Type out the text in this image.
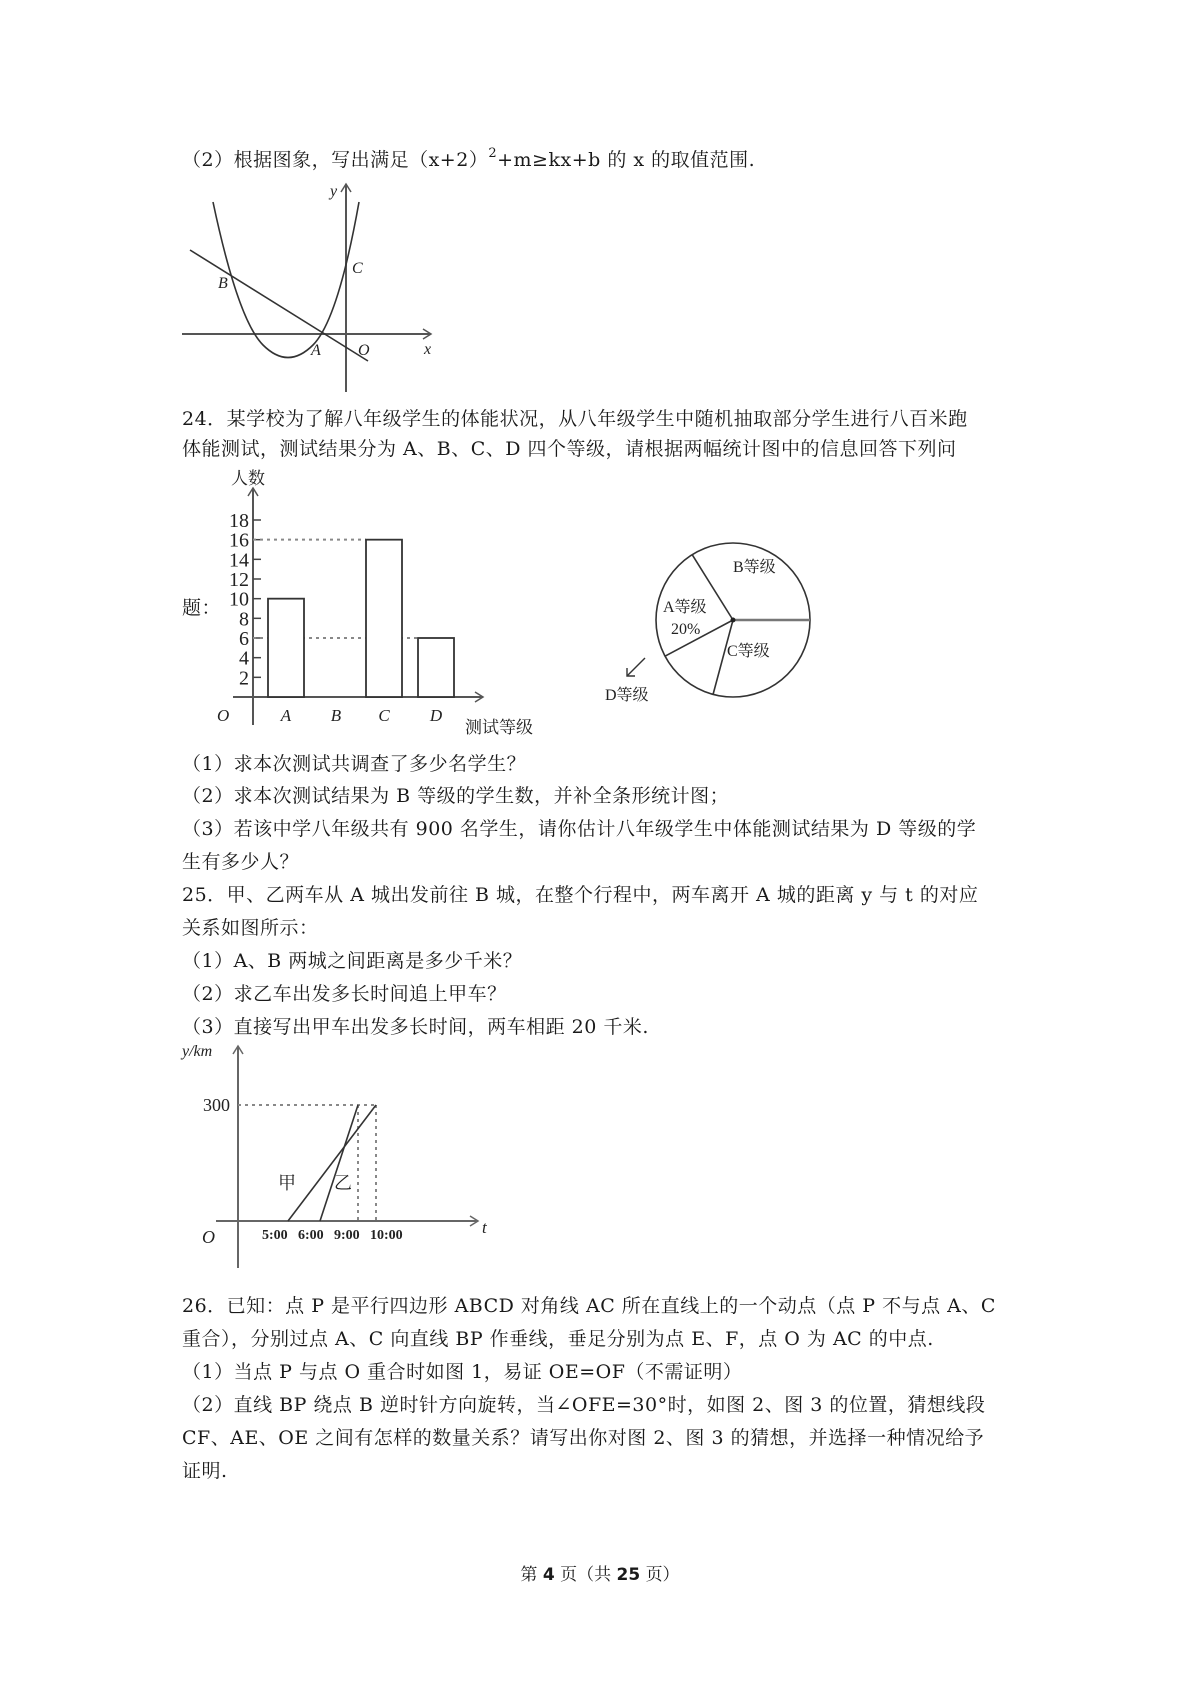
（2）根据图象，写出满足$(x+2)^2+m\ge kx+b$ 的 x 的取值范围.
y
x
B
C
A O
24．某学校为了解八年级学生的体能状况，从八年级学生中随机抽取部分学生进行八百米跑
体能测试，测试结果分为 A、B、C、D 四个等级，请根据两幅统计图中的信息回答下列问
题：
人数
测试等级
O
2
4
6
8
10
12
14
16
18
A B C D
A等级
20%
B等级
C等级
D等级
（1）求本次测试共调查了多少名学生？
（2）求本次测试结果为 B 等级的学生数，并补全条形统计图；
（3）若该中学八年级共有 900 名学生，请你估计八年级学生中体能测试结果为 D 等级的学
生有多少人？
25．甲、乙两车从 A 城出发前往 B 城，在整个行程中，两车离开 A 城的距离 y 与 t 的对应
关系如图所示：
（1）A、B 两城之间距离是多少千米？
（2）求乙车出发多长时间追上甲车？
（3）直接写出甲车出发多长时间，两车相距 20 千米.
y/km
t
O
300
5:00 6:00 9:00 10:00
甲 乙
26．已知：点 P 是平行四边形 ABCD 对角线 AC 所在直线上的一个动点（点 P 不与点 A、C
重合），分别过点 A、C 向直线 BP 作垂线，垂足分别为点 E、F，点 O 为 AC 的中点.
（1）当点 P 与点 O 重合时如图 1，易证 OE=OF（不需证明）
（2）直线 BP 绕点 B 逆时针方向旋转，当∠OFE=30°时，如图 2、图 3 的位置，猜想线段
CF、AE、OE 之间有怎样的数量关系？请写出你对图 2、图 3 的猜想，并选择一种情况给予
证明.
第 4 页（共 25 页）
